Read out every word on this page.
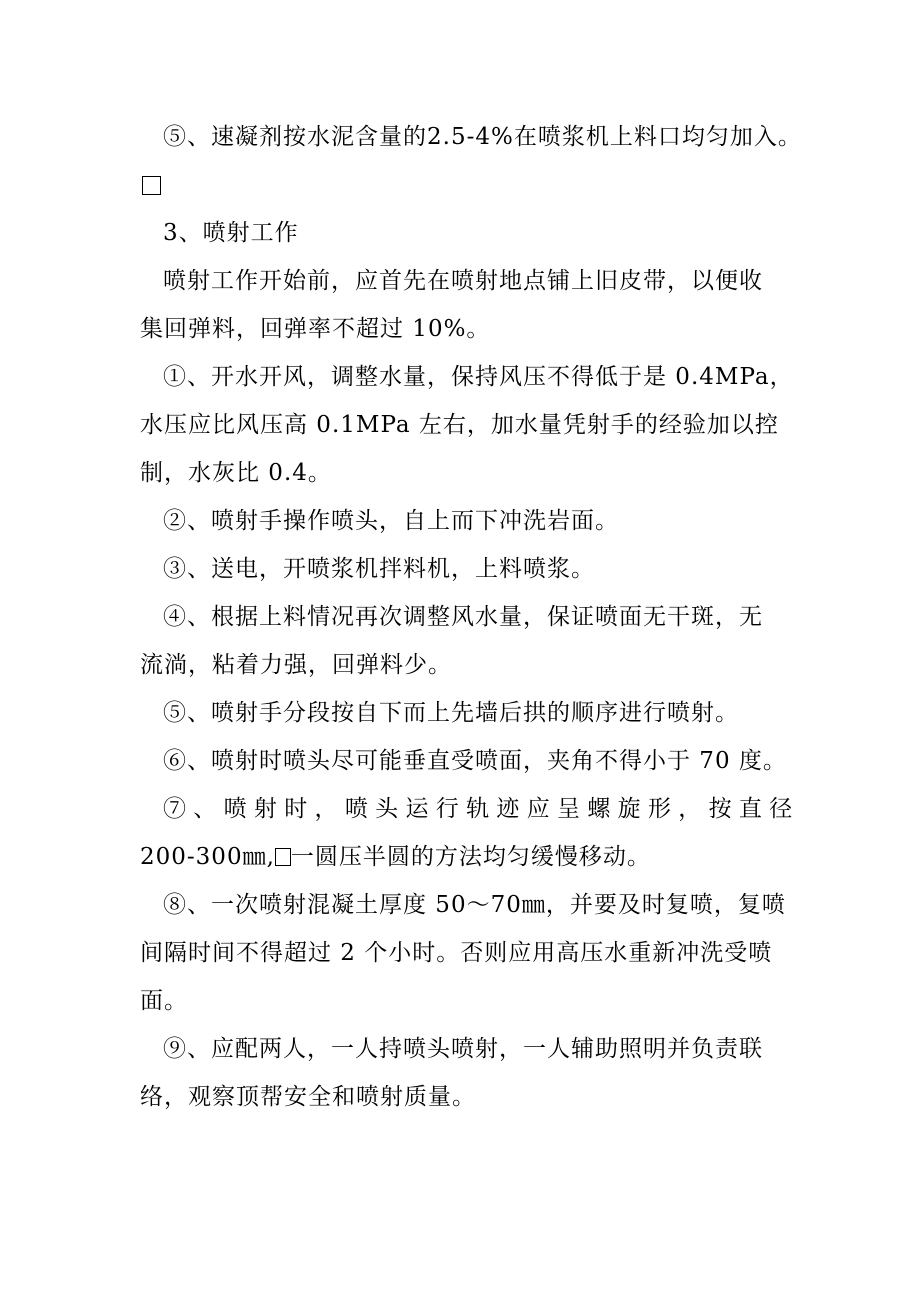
⑤、速凝剂按水泥含量的2.5-4%在喷浆机上料口均匀加入。
3、喷射工作
喷射工作开始前，应首先在喷射地点铺上旧皮带，以便收
集回弹料，回弹率不超过 10%。
①、开水开风，调整水量，保持风压不得低于是 0.4MPa，
水压应比风压高 0.1MPa 左右，加水量凭射手的经验加以控
制，水灰比 0.4。
②、喷射手操作喷头，自上而下冲洗岩面。
③、送电，开喷浆机拌料机，上料喷浆。
④、根据上料情况再次调整风水量，保证喷面无干斑，无
流淌，粘着力强，回弹料少。
⑤、喷射手分段按自下而上先墙后拱的顺序进行喷射。
⑥、喷射时喷头尽可能垂直受喷面，夹角不得小于 70 度。
⑦ 、 喷 射 时 ， 喷 头 运 行 轨 迹 应 呈 螺 旋 形 ， 按 直 径
200-300㎜, 一圆压半圆的方法均匀缓慢移动。
⑧、一次喷射混凝土厚度 50～70㎜，并要及时复喷，复喷
间隔时间不得超过 2 个小时。否则应用高压水重新冲洗受喷
面。
⑨、应配两人，一人持喷头喷射，一人辅助照明并负责联
络，观察顶帮安全和喷射质量。
